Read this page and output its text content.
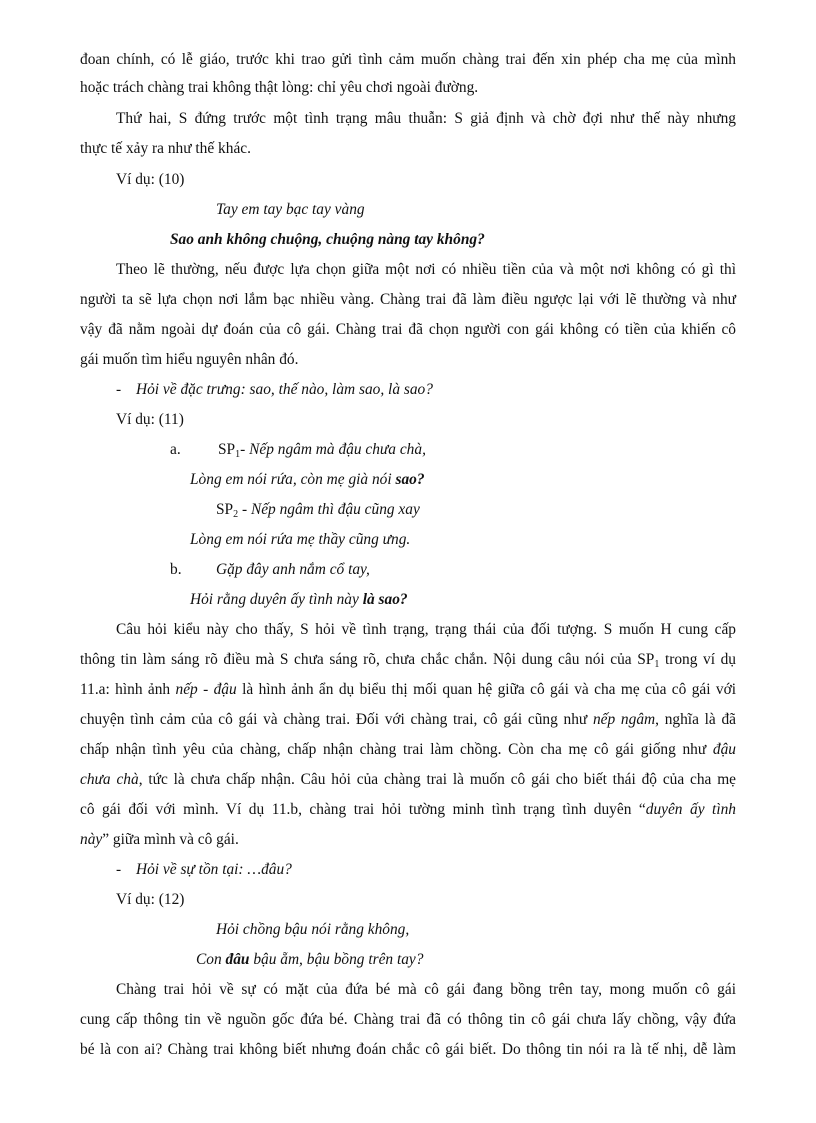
đoan chính, có lễ giáo, trước khi trao gửi tình cảm muốn chàng trai đến xin phép cha mẹ của mình
hoặc trách chàng trai không thật lòng: chỉ yêu chơi ngoài đường.
Thứ hai, S đứng trước một tình trạng mâu thuẫn: S giả định và chờ đợi như thế này nhưng
thực tế xảy ra như thế khác.
Ví dụ: (10)
Tay em tay bạc tay vàng
Sao anh không chuộng, chuộng nàng tay không?
Theo lẽ thường, nếu được lựa chọn giữa một nơi có nhiều tiền của và một nơi không có gì thì
người ta sẽ lựa chọn nơi lắm bạc nhiều vàng. Chàng trai đã làm điều ngược lại với lẽ thường và như
vậy đã nằm ngoài dự đoán của cô gái. Chàng trai đã chọn người con gái không có tiền của khiến cô
gái muốn tìm hiểu nguyên nhân đó.
- Hỏi về đặc trưng: sao, thế nào, làm sao, là sao?
Ví dụ: (11)
a.	$SP_1-$ Nếp ngâm mà đậu chưa chà,
Lòng em nói rứa, còn mẹ già nói sao?
$SP_2$ - Nếp ngâm thì đậu cũng xay
Lòng em nói rứa mẹ thầy cũng ưng.
b.	Gặp đây anh nắm cổ tay,
Hỏi rằng duyên ấy tình này là sao?
Câu hỏi kiểu này cho thấy, S hỏi về tình trạng, trạng thái của đối tượng. S muốn H cung cấp
thông tin làm sáng rõ điều mà S chưa sáng rõ, chưa chắc chắn. Nội dung câu nói của $SP_1$ trong ví dụ
11.a: hình ảnh nếp - đậu là hình ảnh ẩn dụ biểu thị mối quan hệ giữa cô gái và cha mẹ của cô gái với
chuyện tình cảm của cô gái và chàng trai. Đối với chàng trai, cô gái cũng như nếp ngâm, nghĩa là đã
chấp nhận tình yêu của chàng, chấp nhận chàng trai làm chồng. Còn cha mẹ cô gái giống như đậu
chưa chà, tức là chưa chấp nhận. Câu hỏi của chàng trai là muốn cô gái cho biết thái độ của cha mẹ
cô gái đối với mình. Ví dụ 11.b, chàng trai hỏi tường minh tình trạng tình duyên “duyên ấy tình
này” giữa mình và cô gái.
- Hỏi về sự tồn tại: …đâu?
Ví dụ: (12)
Hỏi chồng bậu nói rằng không,
Con đâu bậu ẵm, bậu bồng trên tay?
Chàng trai hỏi về sự có mặt của đứa bé mà cô gái đang bồng trên tay, mong muốn cô gái
cung cấp thông tin về nguồn gốc đứa bé. Chàng trai đã có thông tin cô gái chưa lấy chồng, vậy đứa
bé là con ai? Chàng trai không biết nhưng đoán chắc cô gái biết. Do thông tin nói ra là tế nhị, dễ làm
